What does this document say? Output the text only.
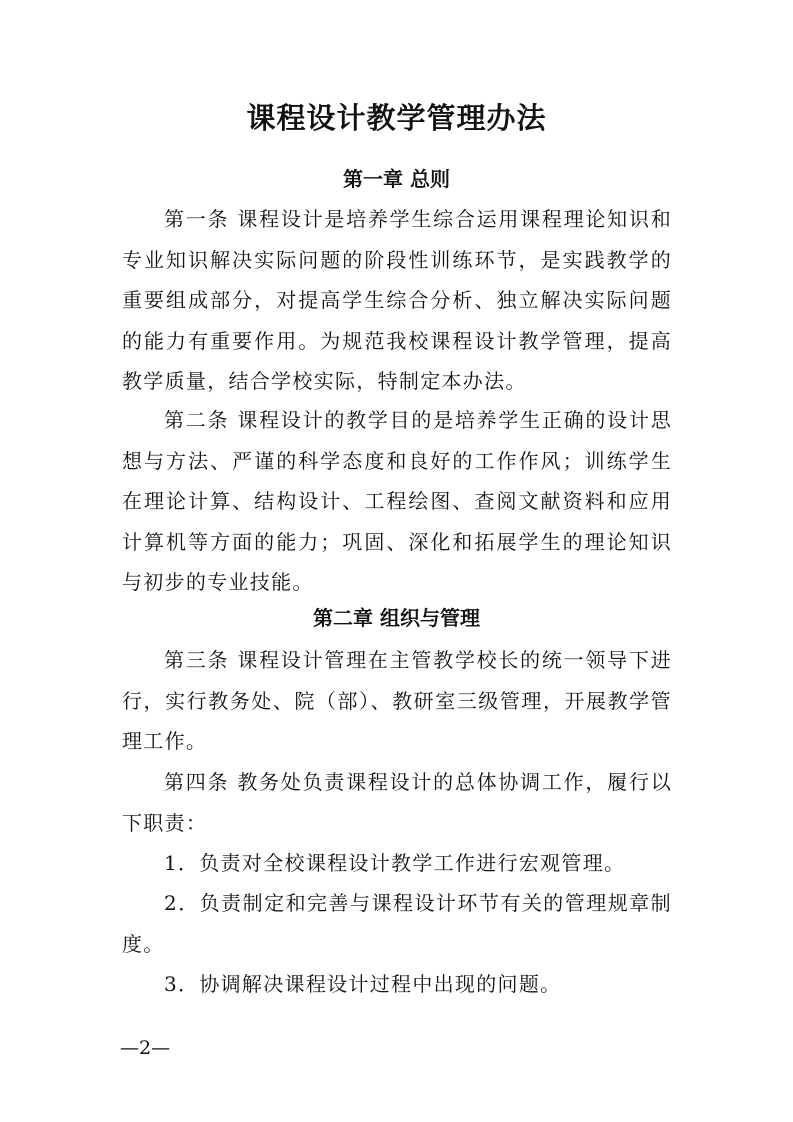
课程设计教学管理办法
第一章 总则

第一条 课程设计是培养学生综合运用课程理论知识和专业知识解决实际问题的阶段性训练环节，是实践教学的重要组成部分，对提高学生综合分析、独立解决实际问题的能力有重要作用。为规范我校课程设计教学管理，提高教学质量，结合学校实际，特制定本办法。

第二条 课程设计的教学目的是培养学生正确的设计思想与方法、严谨的科学态度和良好的工作作风；训练学生在理论计算、结构设计、工程绘图、查阅文献资料和应用计算机等方面的能力；巩固、深化和拓展学生的理论知识与初步的专业技能。

第二章 组织与管理

第三条 课程设计管理在主管教学校长的统一领导下进行，实行教务处、院（部）、教研室三级管理，开展教学管理工作。

第四条 教务处负责课程设计的总体协调工作，履行以下职责：

1．负责对全校课程设计教学工作进行宏观管理。

2．负责制定和完善与课程设计环节有关的管理规章制度。

3．协调解决课程设计过程中出现的问题。

—2—
